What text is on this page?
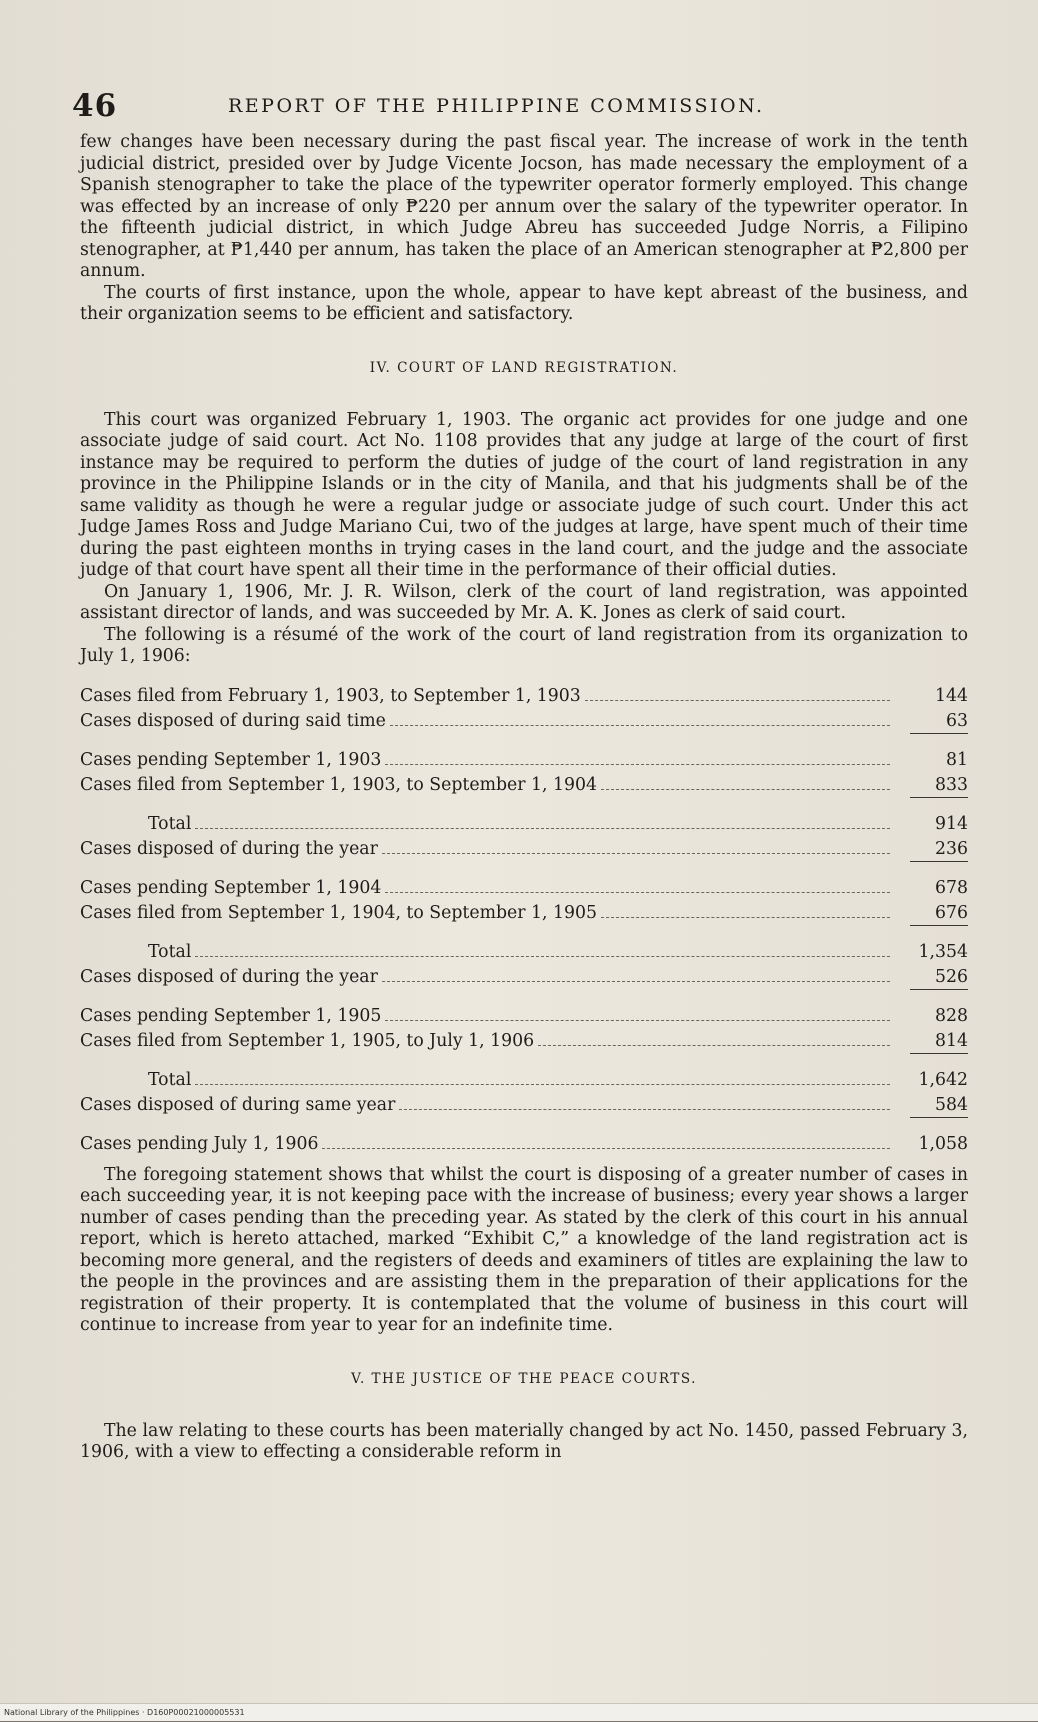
46	REPORT OF THE PHILIPPINE COMMISSION.

few changes have been necessary during the past fiscal year. The increase of work in the tenth judicial district, presided over by Judge Vicente Jocson, has made necessary the employment of a Spanish stenographer to take the place of the typewriter operator formerly employed. This change was effected by an increase of only ₱220 per annum over the salary of the typewriter operator. In the fifteenth judicial district, in which Judge Abreu has succeeded Judge Norris, a Filipino stenographer, at ₱1,440 per annum, has taken the place of an American stenographer at ₱2,800 per annum.

The courts of first instance, upon the whole, appear to have kept abreast of the business, and their organization seems to be efficient and satisfactory.

IV. COURT OF LAND REGISTRATION.

This court was organized February 1, 1903. The organic act provides for one judge and one associate judge of said court. Act No. 1108 provides that any judge at large of the court of first instance may be required to perform the duties of judge of the court of land registration in any province in the Philippine Islands or in the city of Manila, and that his judgments shall be of the same validity as though he were a regular judge or associate judge of such court. Under this act Judge James Ross and Judge Mariano Cui, two of the judges at large, have spent much of their time during the past eighteen months in trying cases in the land court, and the judge and the associate judge of that court have spent all their time in the performance of their official duties.

On January 1, 1906, Mr. J. R. Wilson, clerk of the court of land registration, was appointed assistant director of lands, and was succeeded by Mr. A. K. Jones as clerk of said court.

The following is a résumé of the work of the court of land registration from its organization to July 1, 1906:

Cases filed from February 1, 1903, to September 1, 1903	144
Cases disposed of during said time	63
Cases pending September 1, 1903	81
Cases filed from September 1, 1903, to September 1, 1904	833
Total	914
Cases disposed of during the year	236
Cases pending September 1, 1904	678
Cases filed from September 1, 1904, to September 1, 1905	676
Total	1,354
Cases disposed of during the year	526
Cases pending September 1, 1905	828
Cases filed from September 1, 1905, to July 1, 1906	814
Total	1,642
Cases disposed of during same year	584
Cases pending July 1, 1906	1,058

The foregoing statement shows that whilst the court is disposing of a greater number of cases in each succeeding year, it is not keeping pace with the increase of business; every year shows a larger number of cases pending than the preceding year. As stated by the clerk of this court in his annual report, which is hereto attached, marked “Exhibit C,” a knowledge of the land registration act is becoming more general, and the registers of deeds and examiners of titles are explaining the law to the people in the provinces and are assisting them in the preparation of their applications for the registration of their property. It is contemplated that the volume of business in this court will continue to increase from year to year for an indefinite time.

V. THE JUSTICE OF THE PEACE COURTS.

The law relating to these courts has been materially changed by act No. 1450, passed February 3, 1906, with a view to effecting a considerable reform in

National Library of the Philippines · D160P00021000005531
